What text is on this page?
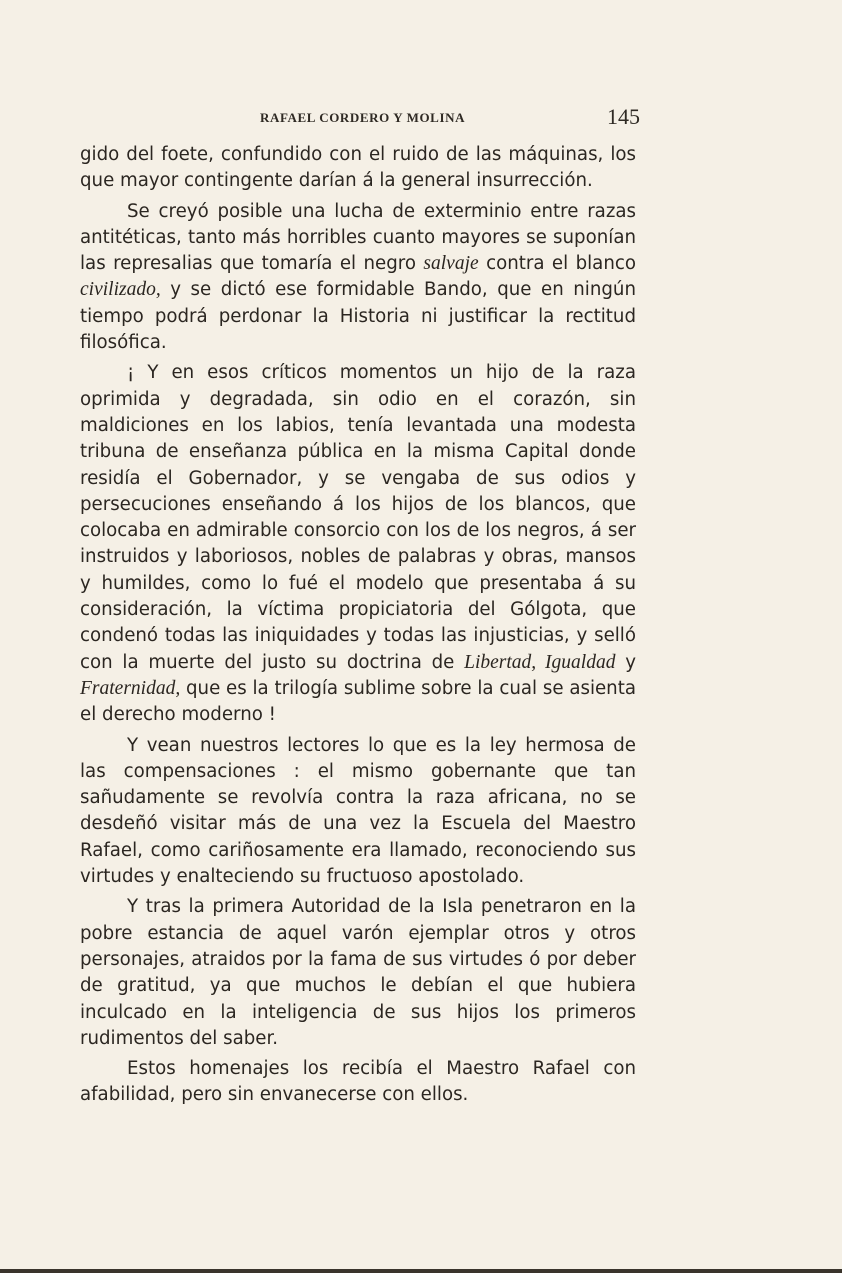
RAFAEL CORDERO Y MOLINA	145

gido del foete, confundido con el ruido de las máquinas, los que mayor contingente darían á la general insurrección.

Se creyó posible una lucha de exterminio entre razas antitéticas, tanto más horribles cuanto mayores se suponían las represalias que tomaría el negro salvaje contra el blanco civilizado, y se dictó ese formidable Bando, que en ningún tiempo podrá perdonar la Historia ni justificar la rectitud filosófica.

¡ Y en esos críticos momentos un hijo de la raza oprimida y degradada, sin odio en el corazón, sin maldiciones en los labios, tenía levantada una modesta tribuna de enseñanza pública en la misma Capital donde residía el Gobernador, y se vengaba de sus odios y persecuciones enseñando á los hijos de los blancos, que colocaba en admirable consorcio con los de los negros, á ser instruidos y laboriosos, nobles de palabras y obras, mansos y humildes, como lo fué el modelo que presentaba á su consideración, la víctima propiciatoria del Gólgota, que condenó todas las iniquidades y todas las injusticias, y selló con la muerte del justo su doctrina de Libertad, Igualdad y Fraternidad, que es la trilogía sublime sobre la cual se asienta el derecho moderno !

Y vean nuestros lectores lo que es la ley hermosa de las compensaciones : el mismo gobernante que tan sañudamente se revolvía contra la raza africana, no se desdeñó visitar más de una vez la Escuela del Maestro Rafael, como cariñosamente era llamado, reconociendo sus virtudes y enalteciendo su fructuoso apostolado.

Y tras la primera Autoridad de la Isla penetraron en la pobre estancia de aquel varón ejemplar otros y otros personajes, atraidos por la fama de sus virtudes ó por deber de gratitud, ya que muchos le debían el que hubiera inculcado en la inteligencia de sus hijos los primeros rudimentos del saber.

Estos homenajes los recibía el Maestro Rafael con afabilidad, pero sin envanecerse con ellos.
